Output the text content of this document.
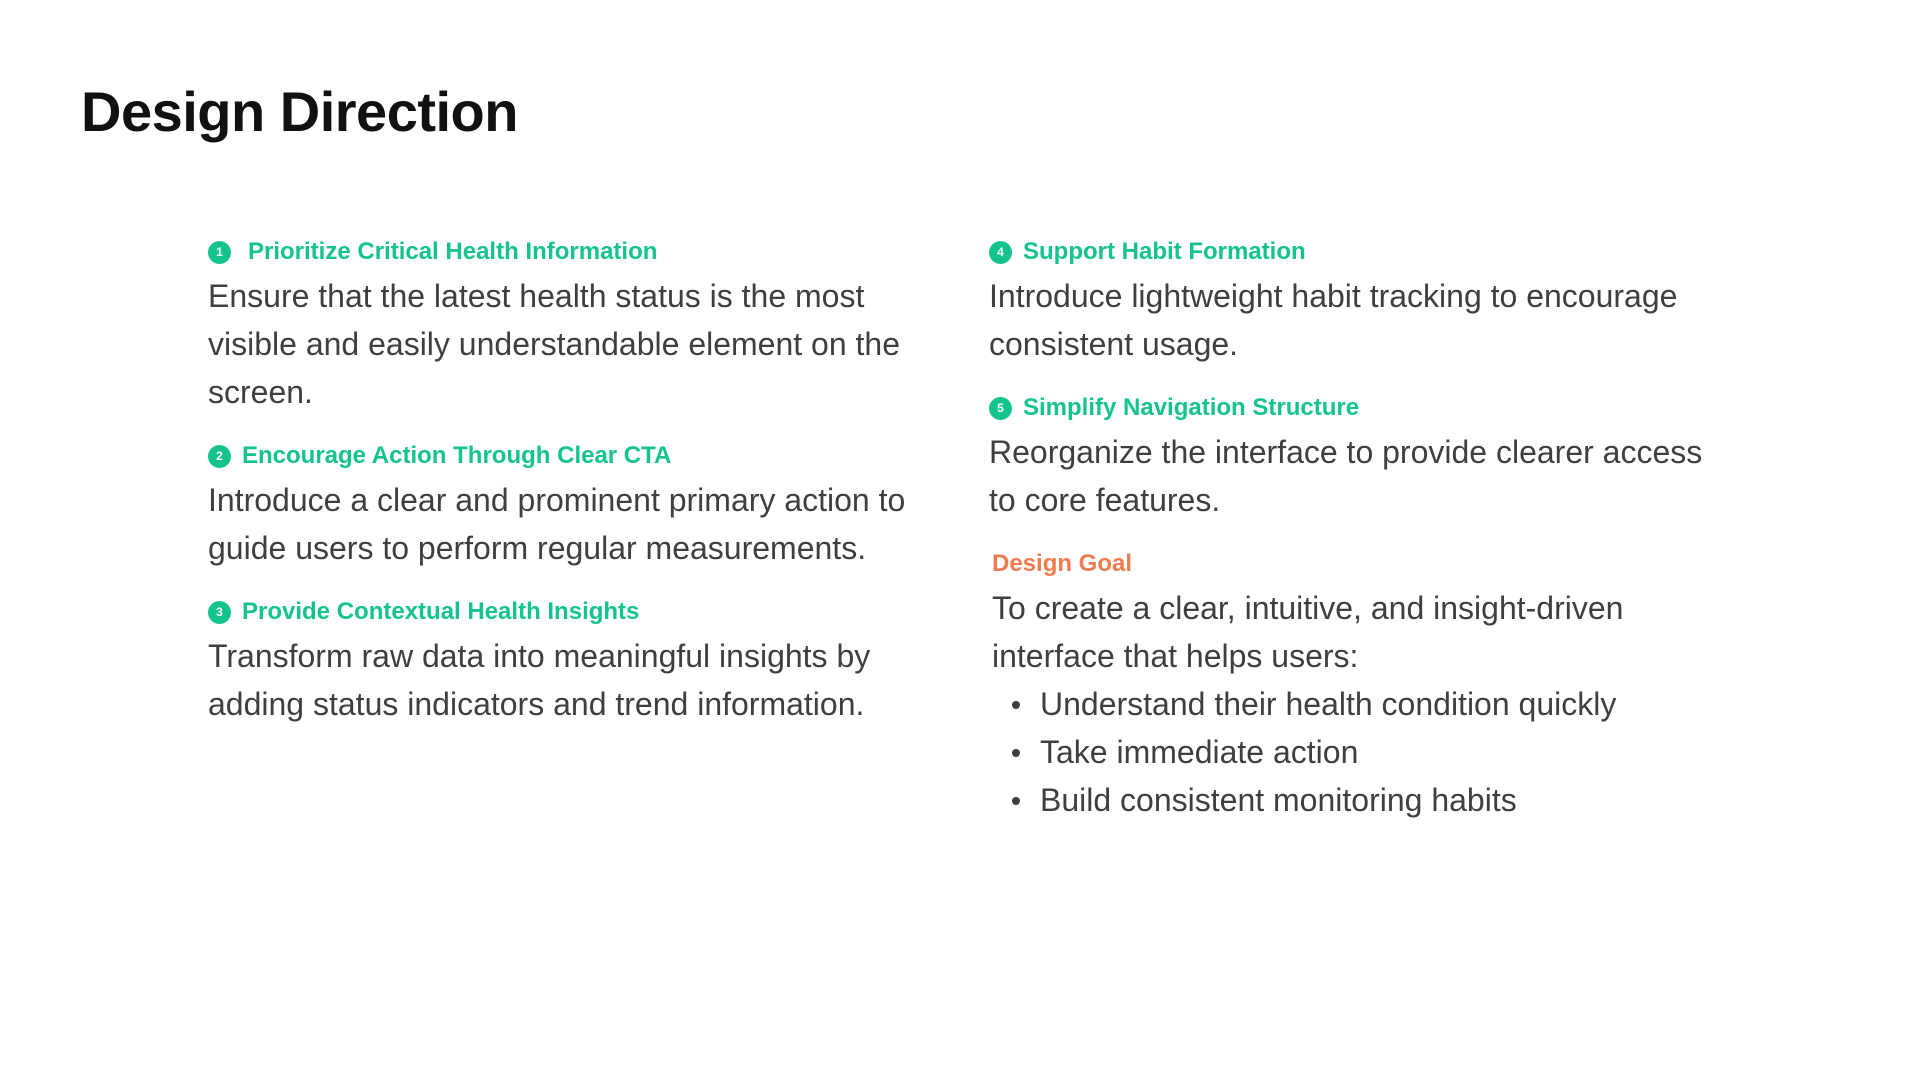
Design Direction
1	Prioritize Critical Health Information

Ensure that the latest health status is the most visible and easily understandable element on the screen.

2 Encourage Action Through Clear CTA

Introduce a clear and prominent primary action to guide users to perform regular measurements.

3 Provide Contextual Health Insights

Transform raw data into meaningful insights by adding status indicators and trend information.

4 Support Habit Formation

Introduce lightweight habit tracking to encourage consistent usage.

5 Simplify Navigation Structure

Reorganize the interface to provide clearer access to core features.

Design Goal

To create a clear, intuitive, and insight-driven interface that helps users:

Understand their health condition quickly
Take immediate action
Build consistent monitoring habits
